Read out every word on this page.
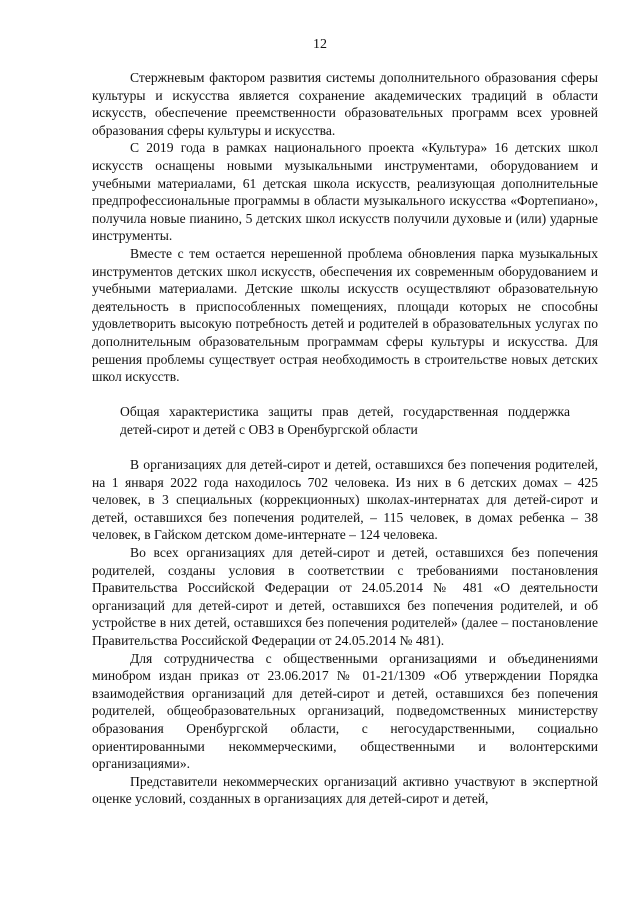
12

Стержневым фактором развития системы дополнительного образования сферы культуры и искусства является сохранение академических традиций в области искусств, обеспечение преемственности образовательных программ всех уровней образования сферы культуры и искусства.

С 2019 года в рамках национального проекта «Культура» 16 детских школ искусств оснащены новыми музыкальными инструментами, оборудованием и учебными материалами, 61 детская школа искусств, реализующая дополнительные предпрофессиональные программы в области музыкального искусства «Фортепиано», получила новые пианино, 5 детских школ искусств получили духовые и (или) ударные инструменты.

Вместе с тем остается нерешенной проблема обновления парка музыкальных инструментов детских школ искусств, обеспечения их современным оборудованием и учебными материалами. Детские школы искусств осуществляют образовательную деятельность в приспособленных помещениях, площади которых не способны удовлетворить высокую потребность детей и родителей в образовательных услугах по дополнительным образовательным программам сферы культуры и искусства. Для решения проблемы существует острая необходимость в строительстве новых детских школ искусств.

Общая характеристика защиты прав детей, государственная поддержка детей-сирот и детей с ОВЗ в Оренбургской области

В организациях для детей-сирот и детей, оставшихся без попечения родителей, на 1 января 2022 года находилось 702 человека. Из них в 6 детских домах – 425 человек, в 3 специальных (коррекционных) школах-интернатах для детей-сирот и детей, оставшихся без попечения родителей, – 115 человек, в домах ребенка – 38 человек, в Гайском детском доме-интернате – 124 человека.

Во всех организациях для детей-сирот и детей, оставшихся без попечения родителей, созданы условия в соответствии с требованиями постановления Правительства Российской Федерации от 24.05.2014 № 481 «О деятельности организаций для детей-сирот и детей, оставшихся без попечения родителей, и об устройстве в них детей, оставшихся без попечения родителей» (далее – постановление Правительства Российской Федерации от 24.05.2014 № 481).

Для сотрудничества с общественными организациями и объединениями минобром издан приказ от 23.06.2017 № 01-21/1309 «Об утверждении Порядка взаимодействия организаций для детей-сирот и детей, оставшихся без попечения родителей, общеобразовательных организаций, подведомственных министерству образования Оренбургской области, с негосударственными, социально ориентированными некоммерческими, общественными и волонтерскими организациями».

Представители некоммерческих организаций активно участвуют в экспертной оценке условий, созданных в организациях для детей-сирот и детей,
